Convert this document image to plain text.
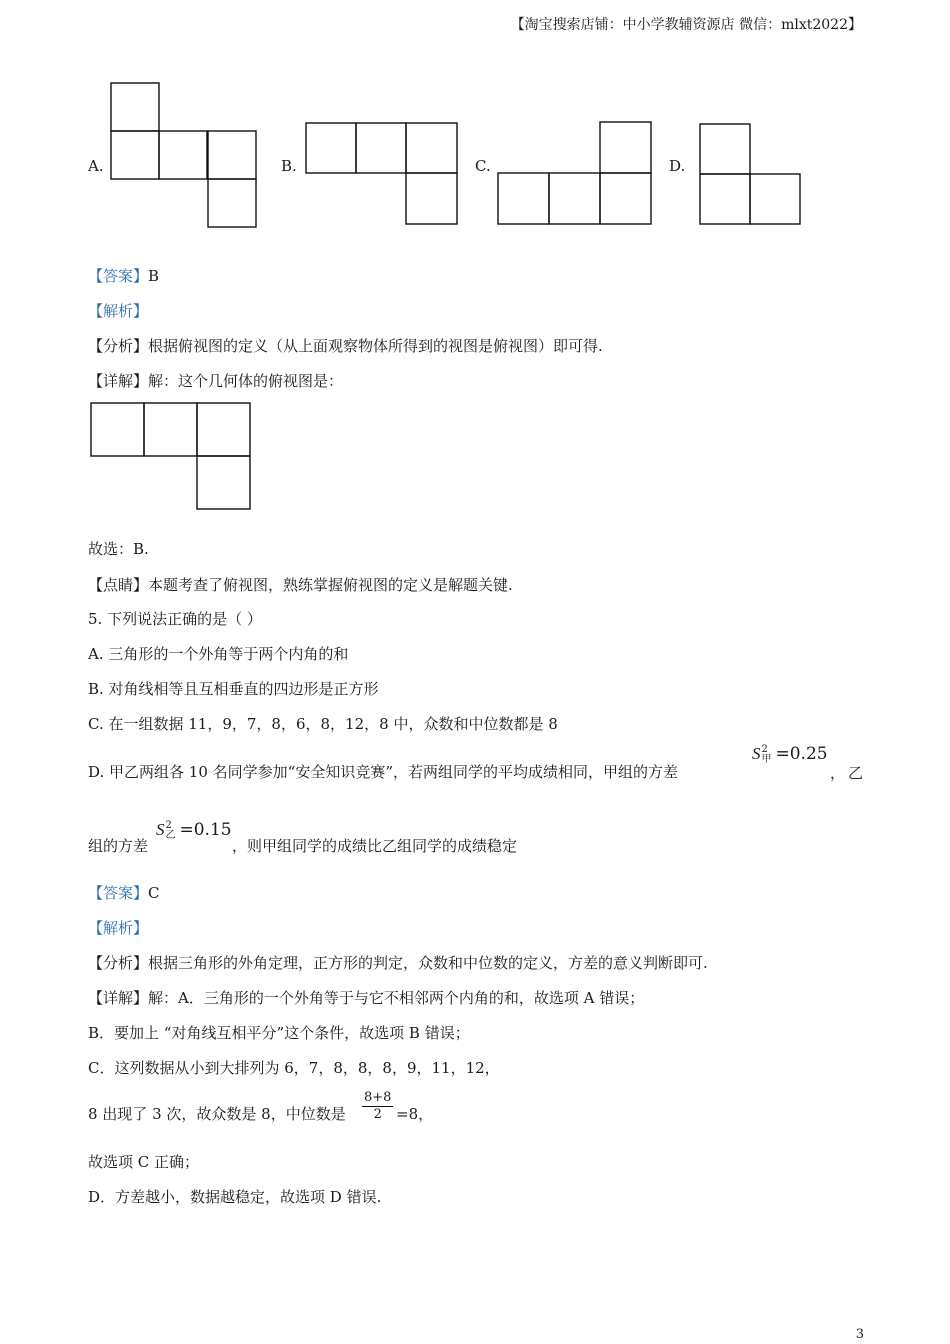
【淘宝搜索店铺：中小学教辅资源店 微信：mlxt2022】
A.	B.	C.	D.
【答案】B
【解析】
【分析】根据俯视图的定义（从上面观察物体所得到的视图是俯视图）即可得.
【详解】解：这个几何体的俯视图是：
故选：B.
【点睛】本题考查了俯视图，熟练掌握俯视图的定义是解题关键.
5. 下列说法正确的是（ ）
A. 三角形的一个外角等于两个内角的和
B. 对角线相等且互相垂直的四边形是正方形
C. 在一组数据 11，9，7，8，6，8，12，8 中，众数和中位数都是 8
D. 甲乙两组各 10 名同学参加“安全知识竞赛”，若两组同学的平均成绩相同，甲组的方差
S 2
甲 =0.25
， 乙
组的方差
S 2
乙 =0.15
，则甲组同学的成绩比乙组同学的成绩稳定
【答案】C
【解析】
【分析】根据三角形的外角定理，正方形的判定，众数和中位数的定义，方差的意义判断即可.
【详解】解：A．三角形的一个外角等于与它不相邻两个内角的和，故选项 A 错误；
B．要加上 “对角线互相平分”这个条件，故选项 B 错误；
C．这列数据从小到大排列为 6，7，8，8，8，9，11，12，
8 出现了 3 次，故众数是 8，中位数是 $\frac{8+8}{2} =8$，
故选项 C 正确；
D．方差越小，数据越稳定，故选项 D 错误.
3
